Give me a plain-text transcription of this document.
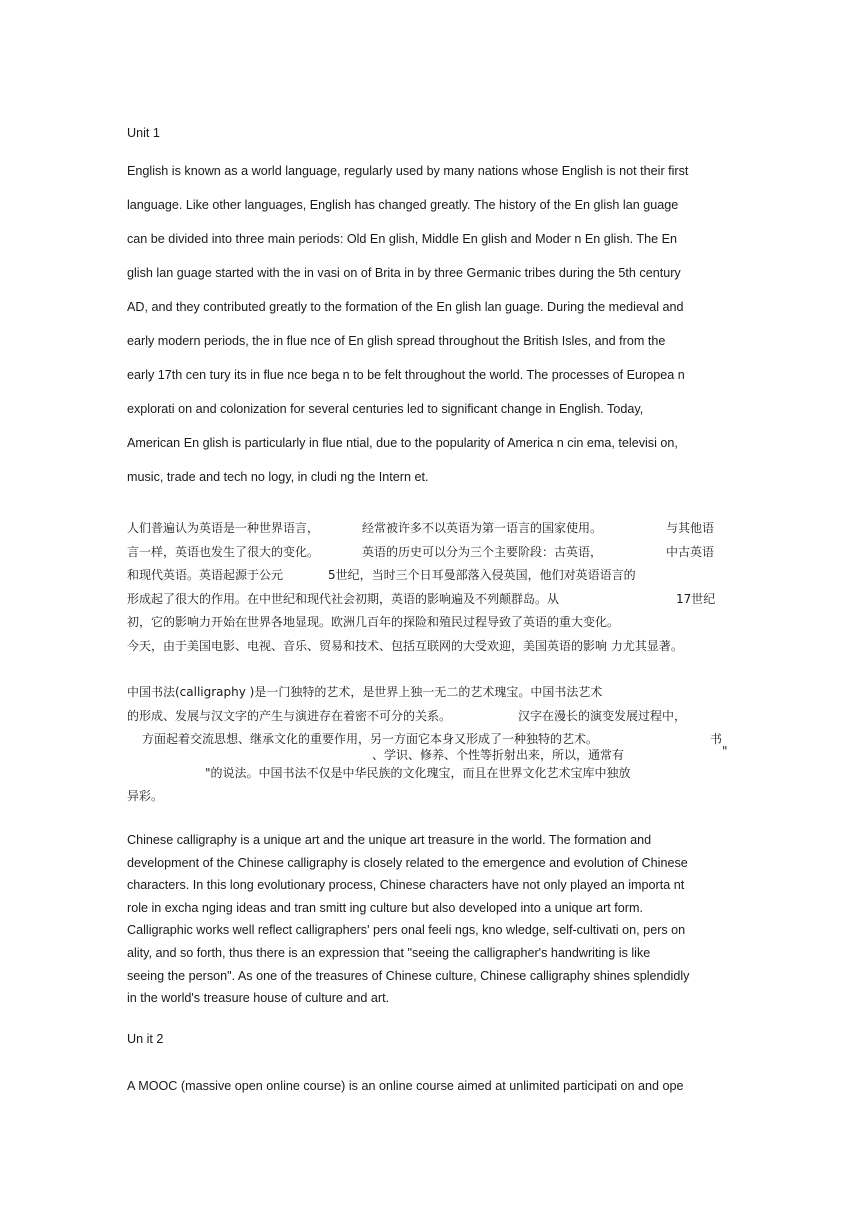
Unit 1
English is known as a world language, regularly used by many nations whose English is not their first
language. Like other languages, English has changed greatly. The history of the En glish lan guage
can be divided into three main periods: Old En glish, Middle En glish and Moder n En glish. The En
glish lan guage started with the in vasi on of Brita in by three Germanic tribes during the 5th century
AD, and they contributed greatly to the formation of the En glish lan guage. During the medieval and
early modern periods, the in flue nce of En glish spread throughout the British Isles, and from the
early 17th cen tury its in flue nce bega n to be felt throughout the world. The processes of Europea n
explorati on and colonization for several centuries led to significant change in English. Today,
American En glish is particularly in flue ntial, due to the popularity of America n cin ema, televisi on,
music, trade and tech no logy, in cludi ng the Intern et.
人们普遍认为英语是一种世界语言，	经常被许多不以英语为第一语言的国家使用。	与其他语
言一样，英语也发生了很大的变化。	英语的历史可以分为三个主要阶段：古英语，	中古英语
和现代英语。英语起源于公元	5世纪，当时三个日耳曼部落入侵英国，他们对英语语言的
形成起了很大的作用。在中世纪和现代社会初期，英语的影响遍及不列颠群岛。从	17世纪
初，它的影响力开始在世界各地显现。欧洲几百年的探险和殖民过程导致了英语的重大变化。
今天，由于美国电影、电视、音乐、贸易和技术、包括互联网的大受欢迎，美国英语的影响 力尤其显著。
中国书法(calligraphy )是一门独特的艺术，是世界上独一无二的艺术瑰宝。中国书法艺术
的形成、发展与汉文字的产生与演进存在着密不可分的关系。	汉字在漫长的演变发展过程中，
方面起着交流思想、继承文化的重要作用，另一方面它本身又形成了一种独特的艺术。	书
、学识、修养、个性等折射出来，所以，通常有	"
"的说法。中国书法不仅是中华民族的文化瑰宝，而且在世界文化艺术宝库中独放
异彩。
Chinese calligraphy is a unique art and the unique art treasure in the world. The formation and
development of the Chinese calligraphy is closely related to the emergence and evolution of Chinese
characters. In this long evolutionary process, Chinese characters have not only played an importa nt
role in excha nging ideas and tran smitt ing culture but also developed into a unique art form.
Calligraphic works well reflect calligraphers' pers onal feeli ngs, kno wledge, self-cultivati on, pers on
ality, and so forth, thus there is an expression that "seeing the calligrapher's handwriting is like
seeing the person". As one of the treasures of Chinese culture, Chinese calligraphy shines splendidly
in the world's treasure house of culture and art.
Un it 2
A MOOC (massive open online course) is an online course aimed at unlimited participati on and ope
